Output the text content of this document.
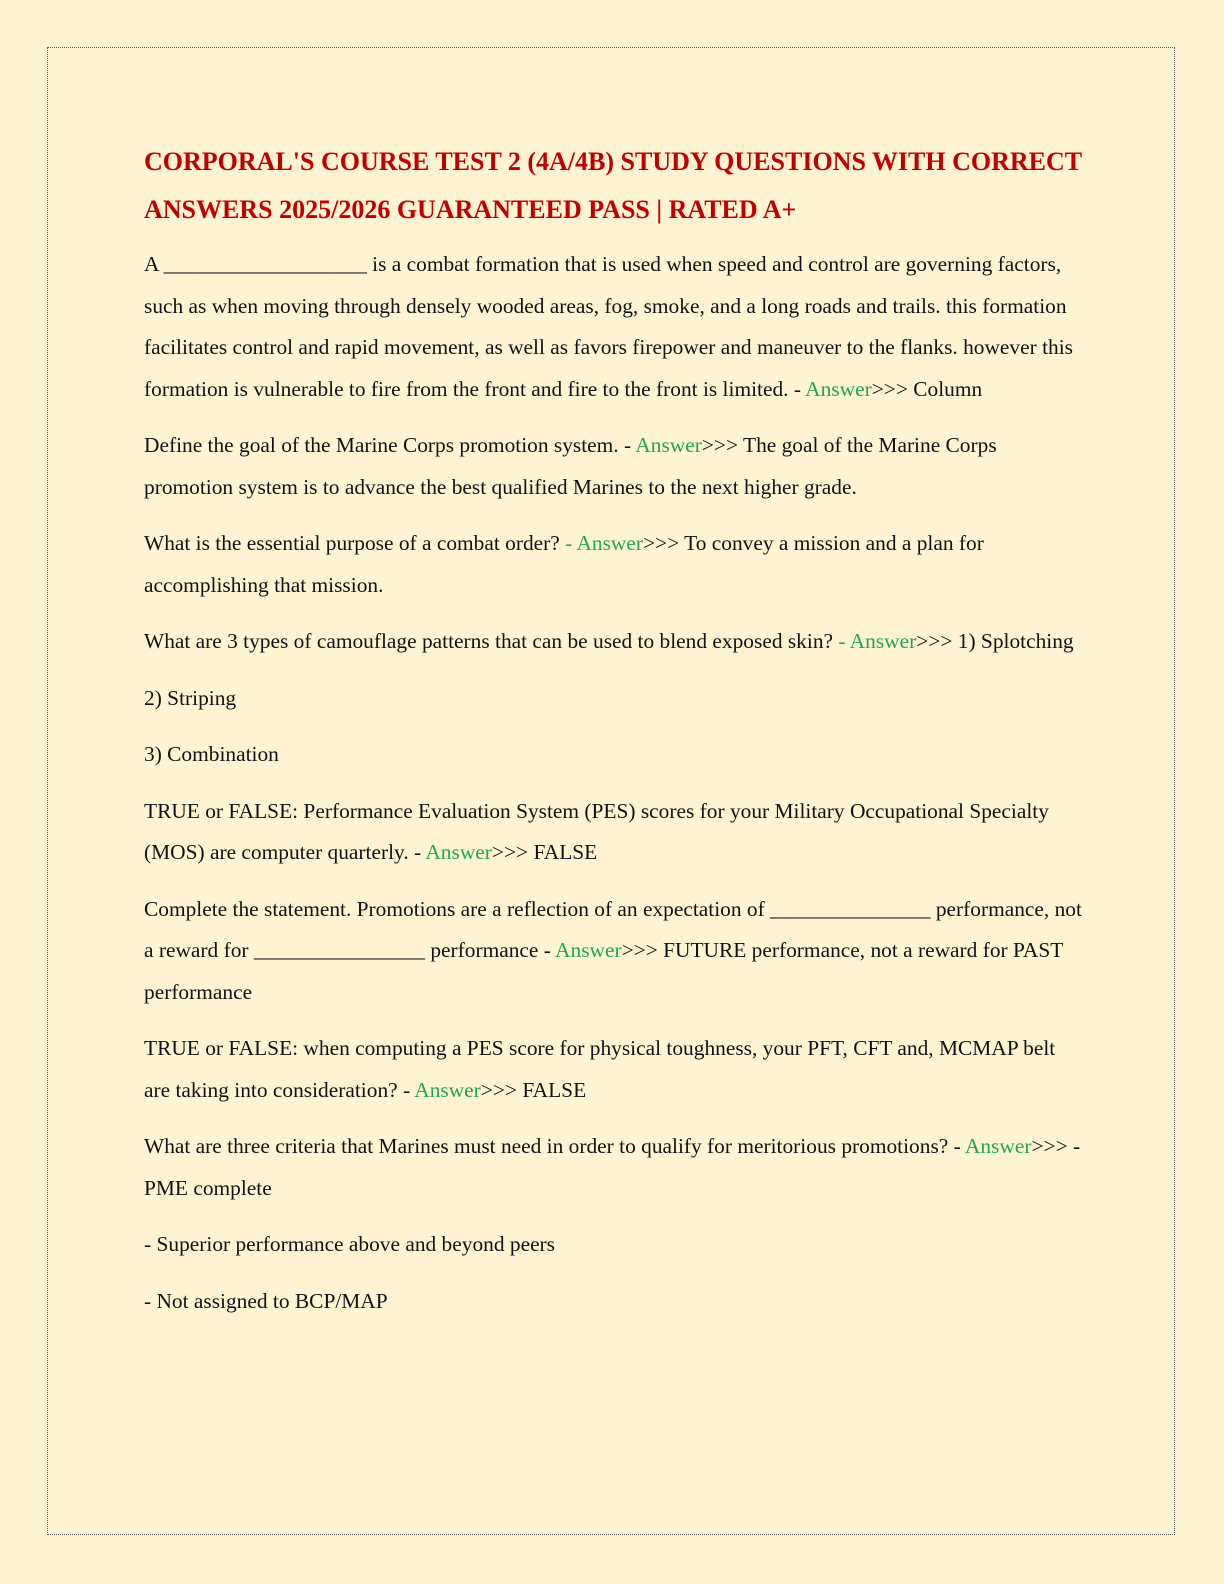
CORPORAL'S COURSE TEST 2 (4A/4B) STUDY QUESTIONS WITH CORRECT ANSWERS 2025/2026 GUARANTEED PASS | RATED A+

A ___________________ is a combat formation that is used when speed and control are governing factors, such as when moving through densely wooded areas, fog, smoke, and a long roads and trails. this formation facilitates control and rapid movement, as well as favors firepower and maneuver to the flanks. however this formation is vulnerable to fire from the front and fire to the front is limited. - Answer>>> Column

Define the goal of the Marine Corps promotion system. - Answer>>> The goal of the Marine Corps promotion system is to advance the best qualified Marines to the next higher grade.

What is the essential purpose of a combat order? - Answer>>> To convey a mission and a plan for accomplishing that mission.

What are 3 types of camouflage patterns that can be used to blend exposed skin? - Answer>>> 1) Splotching

2) Striping

3) Combination

TRUE or FALSE: Performance Evaluation System (PES) scores for your Military Occupational Specialty (MOS) are computer quarterly. - Answer>>> FALSE

Complete the statement. Promotions are a reflection of an expectation of _______________ performance, not a reward for ________________ performance - Answer>>> FUTURE performance, not a reward for PAST performance

TRUE or FALSE: when computing a PES score for physical toughness, your PFT, CFT and, MCMAP belt are taking into consideration? - Answer>>> FALSE

What are three criteria that Marines must need in order to qualify for meritorious promotions? - Answer>>> - PME complete

- Superior performance above and beyond peers

- Not assigned to BCP/MAP
